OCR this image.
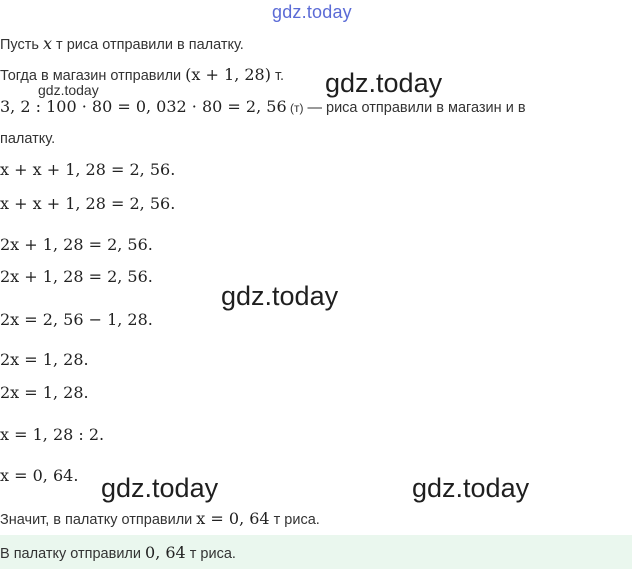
gdz.today
Пусть x т риса отправили в палатку.
Тогда в магазин отправили (x + 1, 28) т. gdz.today
gdz.today
3, 2 : 100 · 80 = 0, 032 · 80 = 2, 56 (т) — риса отправили в магазин и в
палатку.
x + x + 1, 28 = 2, 56.
x + x + 1, 28 = 2, 56.
2x + 1, 28 = 2, 56.
2x + 1, 28 = 2, 56.
gdz.today
2x = 2, 56 − 1, 28.
2x = 1, 28.
2x = 1, 28.
x = 1, 28 : 2.
x = 0, 64. gdz.today	gdz.today
Значит, в палатку отправили x = 0, 64 т риса.
В палатку отправили 0, 64 т риса.
